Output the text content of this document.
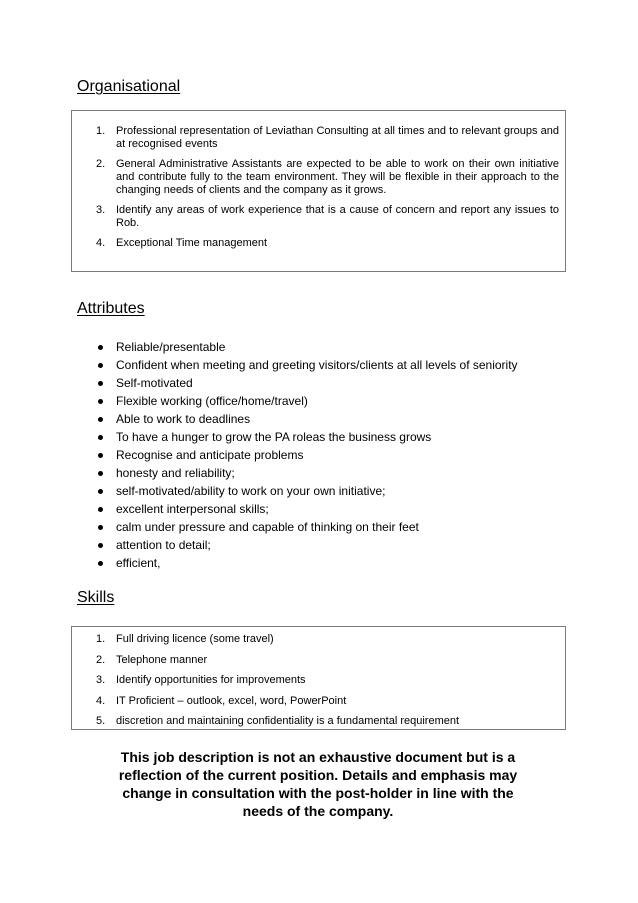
Organisational
1. Professional representation of Leviathan Consulting at all times and to relevant groups and at recognised events
2. General Administrative Assistants are expected to be able to work on their own initiative and contribute fully to the team environment. They will be flexible in their approach to the changing needs of clients and the company as it grows.
3. Identify any areas of work experience that is a cause of concern and report any issues to Rob.
4. Exceptional Time management
Attributes
Reliable/presentable
Confident when meeting and greeting visitors/clients at all levels of seniority
Self-motivated
Flexible working (office/home/travel)
Able to work to deadlines
To have a hunger to grow the PA roleas the business grows
Recognise and anticipate problems
honesty and reliability;
self-motivated/ability to work on your own initiative;
excellent interpersonal skills;
calm under pressure and capable of thinking on their feet
attention to detail;
efficient,
Skills
1. Full driving licence (some travel)
2. Telephone manner
3. Identify opportunities for improvements
4. IT Proficient – outlook, excel, word, PowerPoint
5. discretion and maintaining confidentiality is a fundamental requirement
This job description is not an exhaustive document but is a reflection of the current position. Details and emphasis may change in consultation with the post-holder in line with the needs of the company.
